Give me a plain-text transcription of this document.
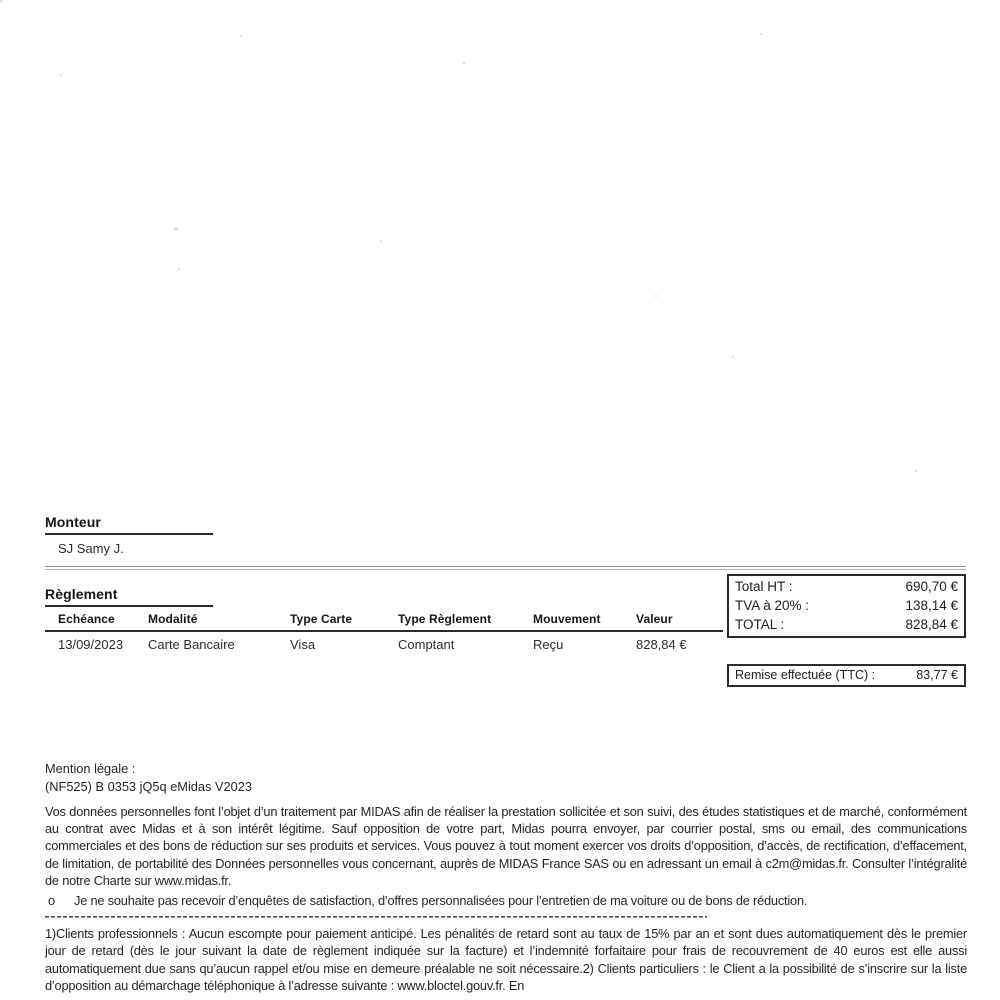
Monteur
SJ Samy J.
Total HT :	690,70 €
TVA à 20% :	138,14 €
TOTAL :	828,84 €
Règlement
Echéance	Modalité	Type Carte	Type Règlement	Mouvement	Valeur
13/09/2023	Carte Bancaire	Visa	Comptant	Reçu	828,84 €
Remise effectuée (TTC) :	83,77 €
Mention légale :
(NF525) B 0353 jQ5q eMidas V2023

Vos données personnelles font l’objet d’un traitement par MIDAS afin de réaliser la prestation sollicitée et son suivi, des études statistiques et de marché, conformément au contrat avec Midas et à son intérêt légitime. Sauf opposition de votre part, Midas pourra envoyer, par courrier postal, sms ou email, des communications commerciales et des bons de réduction sur ses produits et services. Vous pouvez à tout moment exercer vos droits d’opposition, d’accès, de rectification, d’effacement, de limitation, de portabilité des Données personnelles vous concernant, auprès de MIDAS France SAS ou en adressant un email à c2m@midas.fr. Consulter l’intégralité de notre Charte sur www.midas.fr.

o	Je ne souhaite pas recevoir d’enquêtes de satisfaction, d’offres personnalisées pour l’entretien de ma voiture ou de bons de réduction.

1)Clients professionnels : Aucun escompte pour paiement anticipé. Les pénalités de retard sont au taux de 15% par an et sont dues automatiquement dès le premier jour de retard (dès le jour suivant la date de règlement indiquée sur la facture) et l’indemnité forfaitaire pour frais de recouvrement de 40 euros est elle aussi automatiquement due sans qu’aucun rappel et/ou mise en demeure préalable ne soit nécessaire.2) Clients particuliers : le Client a la possibilité de s’inscrire sur la liste d’opposition au démarchage téléphonique à l’adresse suivante : www.bloctel.gouv.fr. En
